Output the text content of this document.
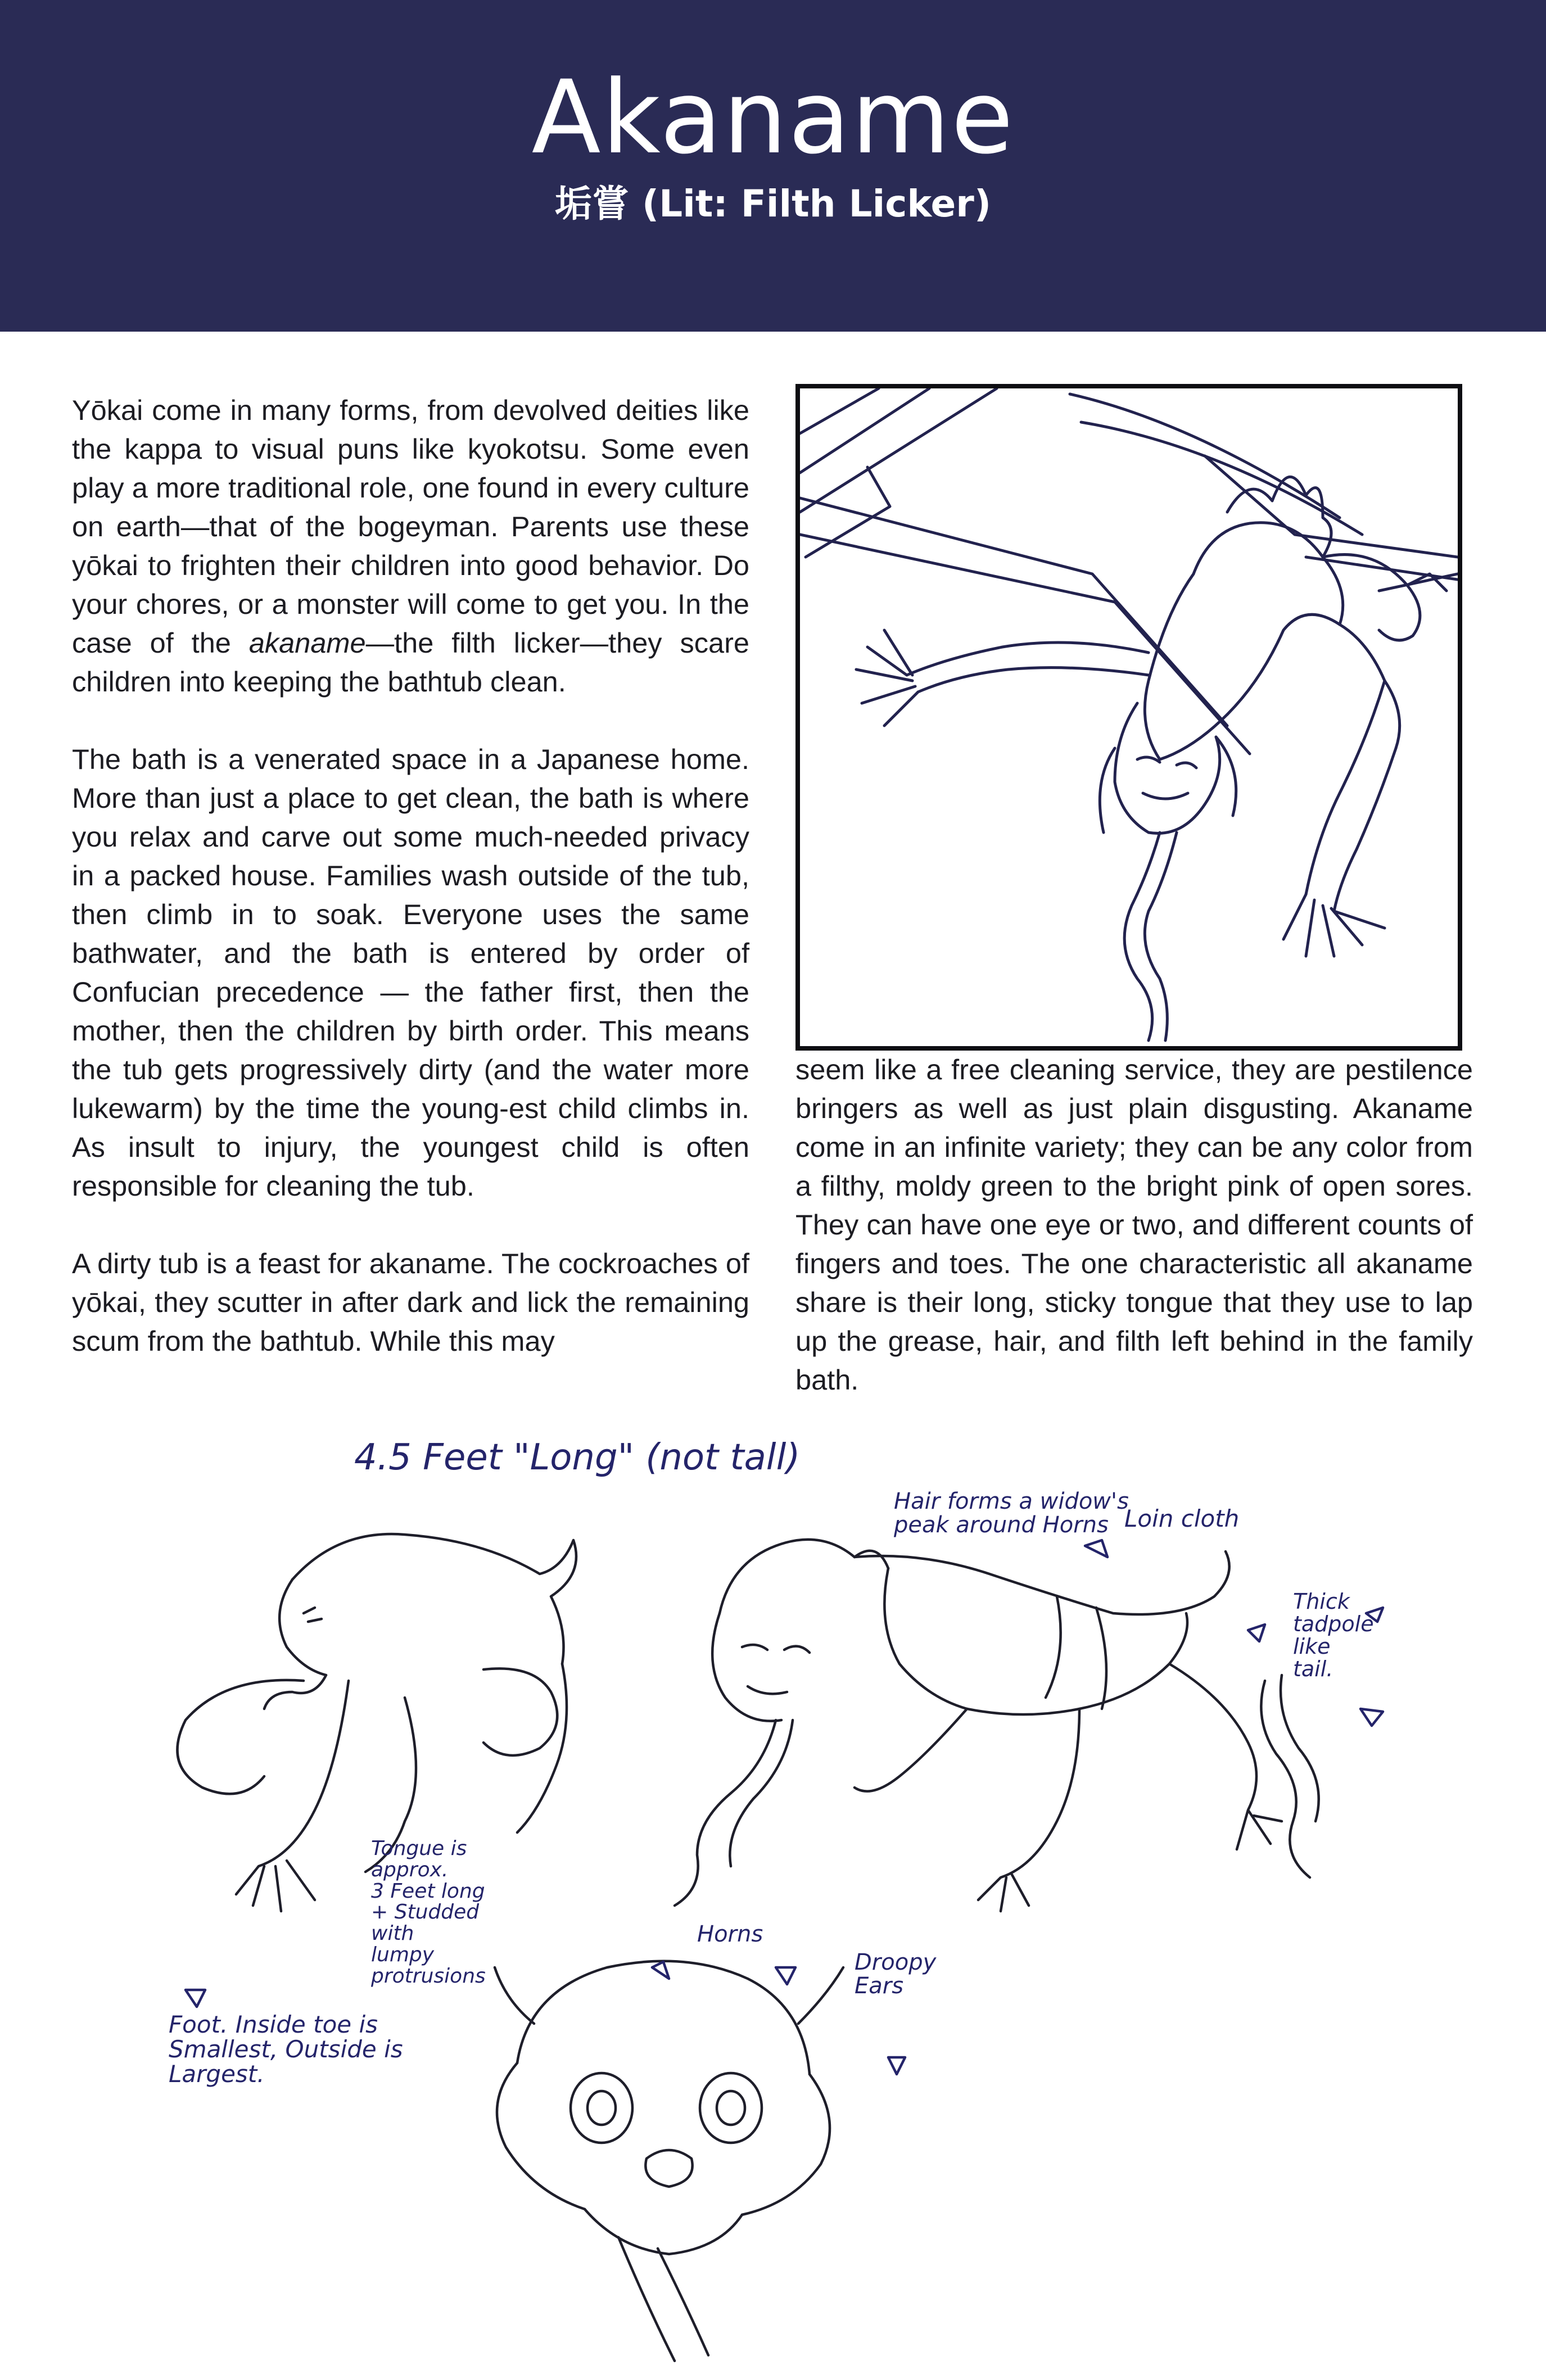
Akaname
垢嘗 (Lit: Filth Licker)

Yōkai come in many forms, from devolved deities like the kappa to visual puns like kyokotsu. Some even play a more traditional role, one found in every culture on earth—that of the bogeyman. Parents use these yōkai to frighten their children into good behavior. Do your chores, or a monster will come to get you. In the case of the akaname—the filth licker—they scare children into keeping the bathtub clean.

The bath is a venerated space in a Japanese home. More than just a place to get clean, the bath is where you relax and carve out some much-needed privacy in a packed house. Families wash outside of the tub, then climb in to soak. Everyone uses the same bathwater, and the bath is entered by order of Confucian precedence — the father first, then the mother, then the children by birth order. This means the tub gets progressively dirty (and the water more lukewarm) by the time the young-est child climbs in. As insult to injury, the youngest child is often responsible for cleaning the tub.

A dirty tub is a feast for akaname. The cockroaches of yōkai, they scutter in after dark and lick the remaining scum from the bathtub. While this may

seem like a free cleaning service, they are pestilence bringers as well as just plain disgusting. Akaname come in an infinite variety; they can be any color from a filthy, moldy green to the bright pink of open sores. They can have one eye or two, and different counts of fingers and toes. The one characteristic all akaname share is their long, sticky tongue that they use to lap up the grease, hair, and filth left behind in the family bath.

4.5 Feet "Long" (not tall)
Hair forms a widow's
peak around Horns Loin cloth
Thick
tadpole
like
tail.
Tongue is
approx.
3 Feet long
+ Studded
with
lumpy
protrusions
Horns
Droopy
Ears
Foot. Inside toe is
Smallest, Outside is
Largest.
